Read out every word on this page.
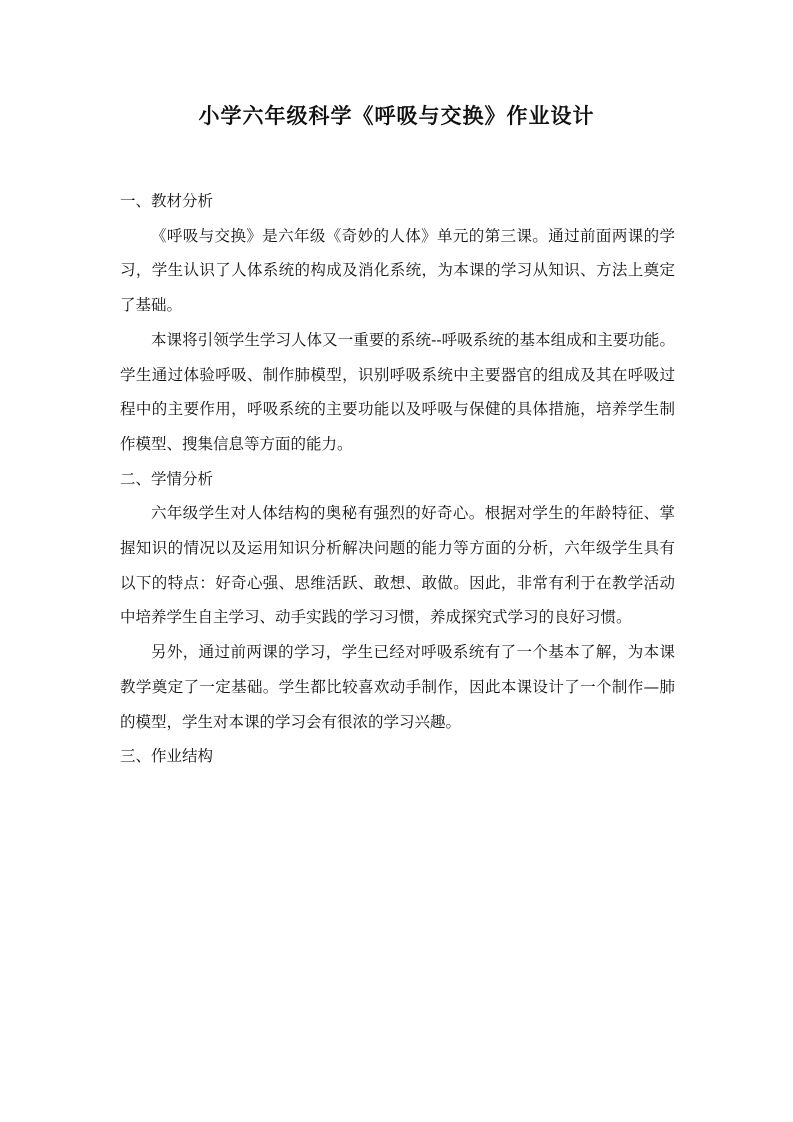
小学六年级科学《呼吸与交换》作业设计

一、教材分析

《呼吸与交换》是六年级《奇妙的人体》单元的第三课。通过前面两课的学习，学生认识了人体系统的构成及消化系统，为本课的学习从知识、方法上奠定了基础。

本课将引领学生学习人体又一重要的系统--呼吸系统的基本组成和主要功能。学生通过体验呼吸、制作肺模型，识别呼吸系统中主要器官的组成及其在呼吸过程中的主要作用，呼吸系统的主要功能以及呼吸与保健的具体措施，培养学生制作模型、搜集信息等方面的能力。

二、学情分析

六年级学生对人体结构的奥秘有强烈的好奇心。根据对学生的年龄特征、掌握知识的情况以及运用知识分析解决问题的能力等方面的分析，六年级学生具有以下的特点：好奇心强、思维活跃、敢想、敢做。因此，非常有利于在教学活动中培养学生自主学习、动手实践的学习习惯，养成探究式学习的良好习惯。

另外，通过前两课的学习，学生已经对呼吸系统有了一个基本了解，为本课教学奠定了一定基础。学生都比较喜欢动手制作，因此本课设计了一个制作—肺的模型，学生对本课的学习会有很浓的学习兴趣。

三、作业结构
